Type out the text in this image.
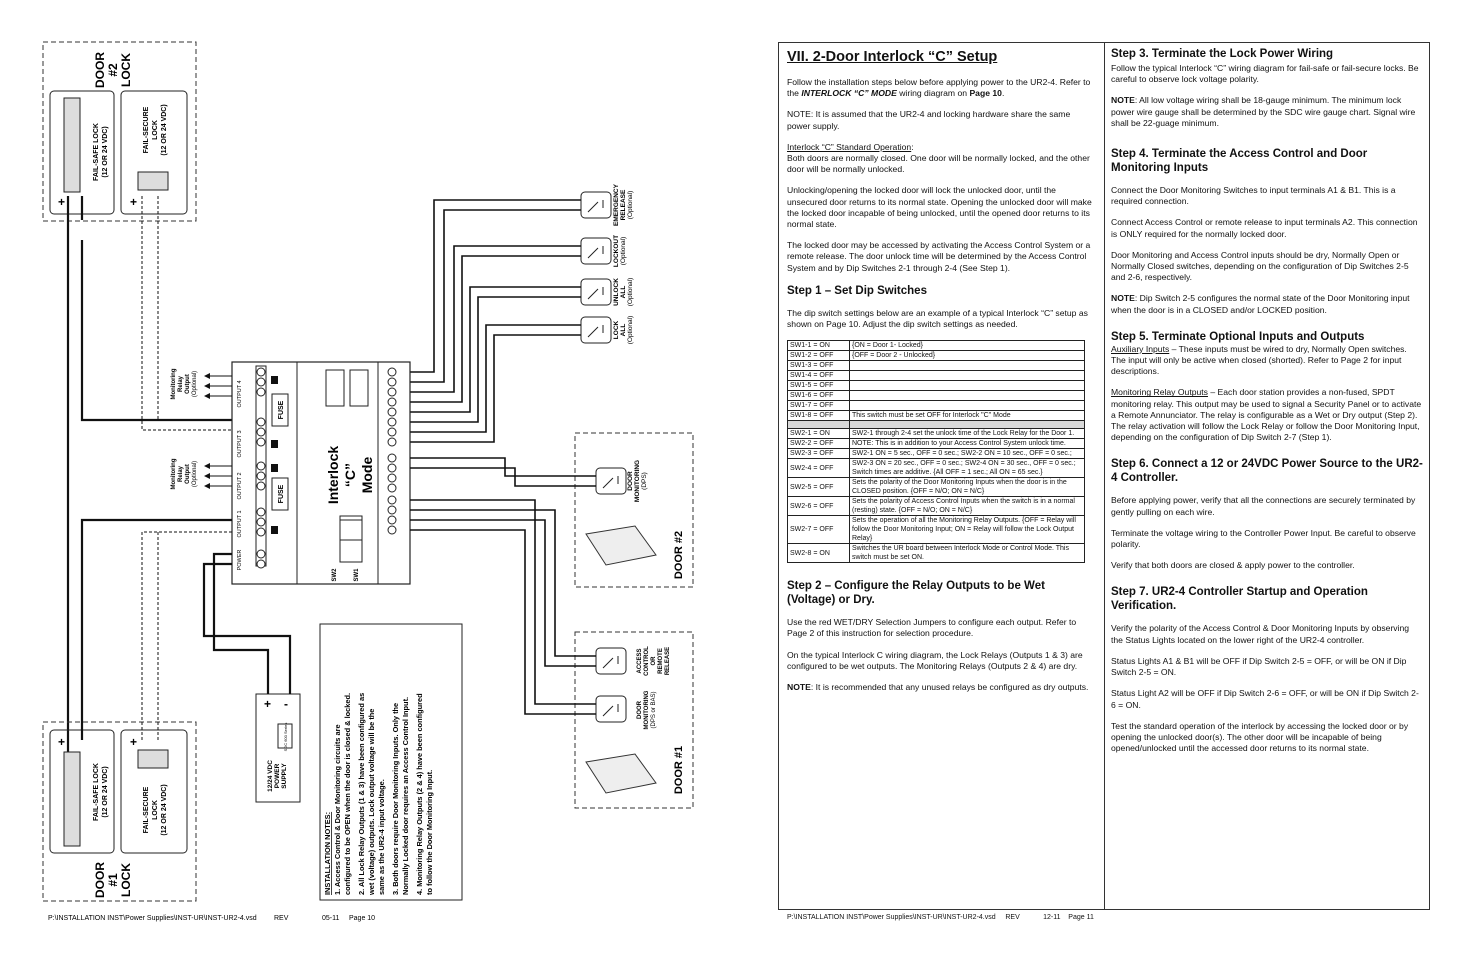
DOOR #2 LOCK
FAIL-SAFE LOCK (12 OR 24 VDC)
+
FAIL-SECURE LOCK (12 OR 24 VDC)
+	EMERGENCY RELEASE (Optional)
LOCKOUT (Optional)
UNLOCK ALL (Optional)
LOCK ALL (Optional)
FUSE
FUSE
OUTPUT 4
OUTPUT 3
OUTPUT 2
OUTPUT 1
POWER
Interlock “C” Mode
SW2	SW1
Monitoring Relay Output (Optional)
Monitoring Relay Output (Optional)	DOOR MONITORING (DPS)
DOOR #2
ACCESS CONTROL OR REMOTE RELEASE
DOOR MONITORING (DPS or BAS)
DOOR #1
+ -
SDC 600 Series
12/24 VDC POWER SUPPLY
FAIL-SAFE LOCK (12 OR 24 VDC)
+
FAIL-SECURE LOCK (12 OR 24 VDC)
+
DOOR #1 LOCK	INSTALLATION NOTES: 1. Access Control & Door Monitoring circuits are configured to be OPEN when the door is closed & locked. 2. All Lock Relay Outputs (1 & 3) have been configured as wet (voltage) outputs. Lock output voltage will be the same as the UR2-4 input voltage. 3. Both doors require Door Monitoring Inputs. Only the Normally Locked door requires an Access Control Input. 4. Monitoring Relay Outputs (2 & 4) have been configured to follow the Door Monitoring Input.
P:\INSTALLATION INST\Power Supplies\INST-UR\INST-UR2-4.vsd REV	05-11 Page 10
VII. 2-Door Interlock “C” Setup

Follow the installation steps below before applying power to the UR2-4. Refer to the INTERLOCK “C” MODE wiring diagram on Page 10.

NOTE: It is assumed that the UR2-4 and locking hardware share the same power supply.

Interlock “C” Standard Operation:
Both doors are normally closed. One door will be normally locked, and the other door will be normally unlocked.

Unlocking/opening the locked door will lock the unlocked door, until the unsecured door returns to its normal state. Opening the unlocked door will make the locked door incapable of being unlocked, until the opened door returns to its normal state.

The locked door may be accessed by activating the Access Control System or a remote release. The door unlock time will be determined by the Access Control System and by Dip Switches 2-1 through 2-4 (See Step 1).

Step 1 – Set Dip Switches

The dip switch settings below are an example of a typical Interlock “C” setup as shown on Page 10. Adjust the dip switch settings as needed.

SW1-1 = ON	{ON = Door 1- Locked}
SW1-2 = OFF	{OFF = Door 2 - Unlocked}
SW1-3 = OFF	
SW1-4 = OFF	
SW1-5 = OFF	
SW1-6 = OFF	
SW1-7 = OFF	
SW1-8 = OFF	This switch must be set OFF for Interlock "C" Mode

SW2-1 = ON	SW2-1 through 2-4 set the unlock time of the Lock Relay for the Door 1.
SW2-2 = OFF	NOTE: This is in addition to your Access Control System unlock time.
SW2-3 = OFF	SW2-1 ON = 5 sec., OFF = 0 sec.; SW2-2 ON = 10 sec., OFF = 0 sec.;
SW2-4 = OFF	SW2-3 ON = 20 sec., OFF = 0 sec.; SW2-4 ON = 30 sec., OFF = 0 sec.; Switch times are additive. {All OFF = 1 sec.; All ON = 65 sec.}
SW2-5 = OFF	Sets the polarity of the Door Monitoring Inputs when the door is in the CLOSED position. {OFF = N/O; ON = N/C}
SW2-6 = OFF	Sets the polarity of Access Control Inputs when the switch is in a normal (resting) state. {OFF = N/O; ON = N/C}
SW2-7 = OFF	Sets the operation of all the Monitoring Relay Outputs. {OFF = Relay will follow the Door Monitoring Input; ON = Relay will follow the Lock Output Relay}
SW2-8 = ON	Switches the UR board between Interlock Mode or Control Mode. This switch must be set ON.
Step 2 – Configure the Relay Outputs to be Wet (Voltage) or Dry.

Use the red WET/DRY Selection Jumpers to configure each output. Refer to Page 2 of this instruction for selection procedure.

On the typical Interlock C wiring diagram, the Lock Relays (Outputs 1 & 3) are configured to be wet outputs. The Monitoring Relays (Outputs 2 & 4) are dry.

NOTE: It is recommended that any unused relays be configured as dry outputs.

Step 3. Terminate the Lock Power Wiring

Follow the typical Interlock “C” wiring diagram for fail-safe or fail-secure locks. Be careful to observe lock voltage polarity.

NOTE: All low voltage wiring shall be 18-gauge minimum. The minimum lock power wire gauge shall be determined by the SDC wire gauge chart. Signal wire shall be 22-guage minimum.

Step 4. Terminate the Access Control and Door Monitoring Inputs

Connect the Door Monitoring Switches to input terminals A1 & B1. This is a required connection.

Connect Access Control or remote release to input terminals A2. This connection is ONLY required for the normally locked door.

Door Monitoring and Access Control inputs should be dry, Normally Open or Normally Closed switches, depending on the configuration of Dip Switches 2-5 and 2-6, respectively.

NOTE: Dip Switch 2-5 configures the normal state of the Door Monitoring input when the door is in a CLOSED and/or LOCKED position.

Step 5. Terminate Optional Inputs and Outputs

Auxiliary Inputs – These inputs must be wired to dry, Normally Open switches. The input will only be active when closed (shorted). Refer to Page 2 for input descriptions.

Monitoring Relay Outputs – Each door station provides a non-fused, SPDT monitoring relay. This output may be used to signal a Security Panel or to activate a Remote Annunciator. The relay is configurable as a Wet or Dry output (Step 2). The relay activation will follow the Lock Relay or follow the Door Monitoring Input, depending on the configuration of Dip Switch 2-7 (Step 1).

Step 6. Connect a 12 or 24VDC Power Source to the UR2-4 Controller.

Before applying power, verify that all the connections are securely terminated by gently pulling on each wire.

Terminate the voltage wiring to the Controller Power Input. Be careful to observe polarity.

Verify that both doors are closed & apply power to the controller.

Step 7. UR2-4 Controller Startup and Operation Verification.

Verify the polarity of the Access Control & Door Monitoring Inputs by observing the Status Lights located on the lower right of the UR2-4 controller.

Status Lights A1 & B1 will be OFF if Dip Switch 2-5 = OFF, or will be ON if Dip Switch 2-5 = ON.

Status Light A2 will be OFF if Dip Switch 2-6 = OFF, or will be ON if Dip Switch 2-6 = ON.

Test the standard operation of the interlock by accessing the locked door or by opening the unlocked door(s). The other door will be incapable of being opened/unlocked until the accessed door returns to its normal state.

P:\INSTALLATION INST\Power Supplies\INST-UR\INST-UR2-4.vsd REV	12-11 Page 11
